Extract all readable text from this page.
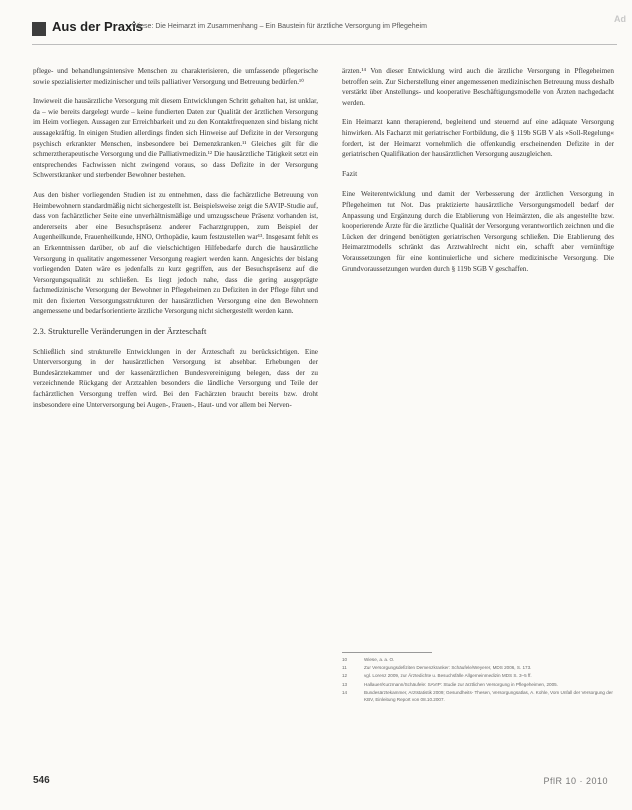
Aus der Praxis
Wiese: Die Heimarzt im Zusammenhang – Ein Baustein für ärztliche Versorgung im Pflegeheim
Ad

pflege- und behandlungsintensive Menschen zu charakterisieren, die umfassende pflegerische sowie spezialisierter medizinischer und teils palliativer Versorgung und Betreuung bedürfen.¹⁰

Inwieweit die hausärztliche Versorgung mit diesem Entwicklungen Schritt gehalten hat, ist unklar, da – wie bereits dargelegt wurde – keine fundierten Daten zur Qualität der ärztlichen Versorgung im Heim vorliegen. Aussagen zur Erreichbarkeit und zu den Kontaktfrequenzen sind bislang nicht aussagekräftig. In einigen Studien allerdings finden sich Hinweise auf Defizite in der Versorgung psychisch erkrankter Menschen, insbesondere bei Demenzkranken.¹¹ Gleiches gilt für die schmerztherapeutische Versorgung und die Palliativmedizin.¹² Die hausärztliche Tätigkeit setzt ein entsprechendes Fachwissen nicht zwingend voraus, so dass Defizite in der Versorgung Schwerstkranker und sterbender Bewohner bestehen.

Aus den bisher vorliegenden Studien ist zu entnehmen, dass die fachärztliche Betreuung von Heimbewohnern standardmäßig nicht sichergestellt ist. Beispielsweise zeigt die SAVIP-Studie auf, dass von fachärztlicher Seite eine unverhältnismäßige und umzugsscheue Präsenz vorhanden ist, andererseits aber eine Besuchspräsenz anderer Facharztgruppen, zum Beispiel der Augenheilkunde, Frauenheilkunde, HNO, Orthopädie, kaum festzustellen war¹³. Insgesamt fehlt es an Erkenntnissen darüber, ob auf die vielschichtigen Hilfebedarfe durch die hausärztliche Versorgung in qualitativ angemessener Versorgung reagiert werden kann. Angesichts der bislang vorliegenden Daten wäre es jedenfalls zu kurz gegriffen, aus der Besuchspräsenz auf die Versorgungsqualität zu schließen. Es liegt jedoch nahe, dass die gering ausgeprägte fachmedizinische Versorgung der Bewohner in Pflegeheimen zu Defiziten in der Pflege führt und mit den fixierten Versorgungsstrukturen der hausärztlichen Versorgung eine den Bewohnern angemessene und bedarfsorientierte ärztliche Versorgung nicht sichergestellt werden kann.

2.3. Strukturelle Veränderungen in der Ärzteschaft

Schließlich sind strukturelle Entwicklungen in der Ärzteschaft zu berücksichtigen. Eine Unterversorgung in der hausärztlichen Versorgung ist absehbar. Erhebungen der Bundesärztekammer und der kassenärztlichen Bundesvereinigung belegen, dass der zu verzeichnende Rückgang der Arztzahlen besonders die ländliche Versorgung und Teile der fachärztlichen Versorgung treffen wird. Bei den Fachärzten braucht bereits bzw. droht insbesondere eine Unterversorgung bei Augen-, Frauen-, Haut- und vor allem bei Nerven-

ärzten.¹⁴ Von dieser Entwicklung wird auch die ärztliche Versorgung in Pflegeheimen betroffen sein. Zur Sicherstellung einer angemessenen medizinischen Betreuung muss deshalb verstärkt über Anstellungs- und kooperative Beschäftigungsmodelle von Ärzten nachgedacht werden.

Ein Heimarzt kann therapierend, begleitend und steuernd auf eine adäquate Versorgung hinwirken. Als Facharzt mit geriatrischer Fortbildung, die § 119b SGB V als »Soll-Regelung« fordert, ist der Heimarzt vornehmlich die offenkundig erscheinenden Defizite in der geriatrischen Qualifikation der hausärztlichen Versorgung auszugleichen.

Fazit

Eine Weiterentwicklung und damit der Verbesserung der ärztlichen Versorgung in Pflegeheimen tut Not. Das praktizierte hausärztliche Versorgungsmodell bedarf der Anpassung und Ergänzung durch die Etablierung von Heimärzten, die als angestellte bzw. kooperierende Ärzte für die ärztliche Qualität der Versorgung verantwortlich zeichnen und die Lücken der dringend benötigten geriatrischen Versorgung schließen. Die Etablierung des Heimarztmodells schränkt das Arztwahlrecht nicht ein, schafft aber vernünftige Voraussetzungen für eine kontinuierliche und sichere medizinische Versorgung. Die Grundvoraussetzungen wurden durch § 119b SGB V geschaffen.

10	Wiese, a. a. O.
11	Zur Versorgungsdefiziten Demenzkranker: Schäufele/Weyerer, MDS 2006, S. 173.
12	vgl. Lorenz 2009, zur Ärztedichte u. Besuchsfälle Allgemeinmedizin MDS S. 3–5 ff.
13	Hallauer/Kurzmann/Schäufele: SAVIP: Studie zur ärztlichen Versorgung in Pflegeheimen, 2005.
14	Bundesärztekammer, Arztstatistik 2009; Gesundheits- Thesen, Versorgungsatlas, A. Kohle, Vom Unfall der Versorgung der KBV, Einleitung Report von 08.10.2007.
546	PflR 10 · 2010
